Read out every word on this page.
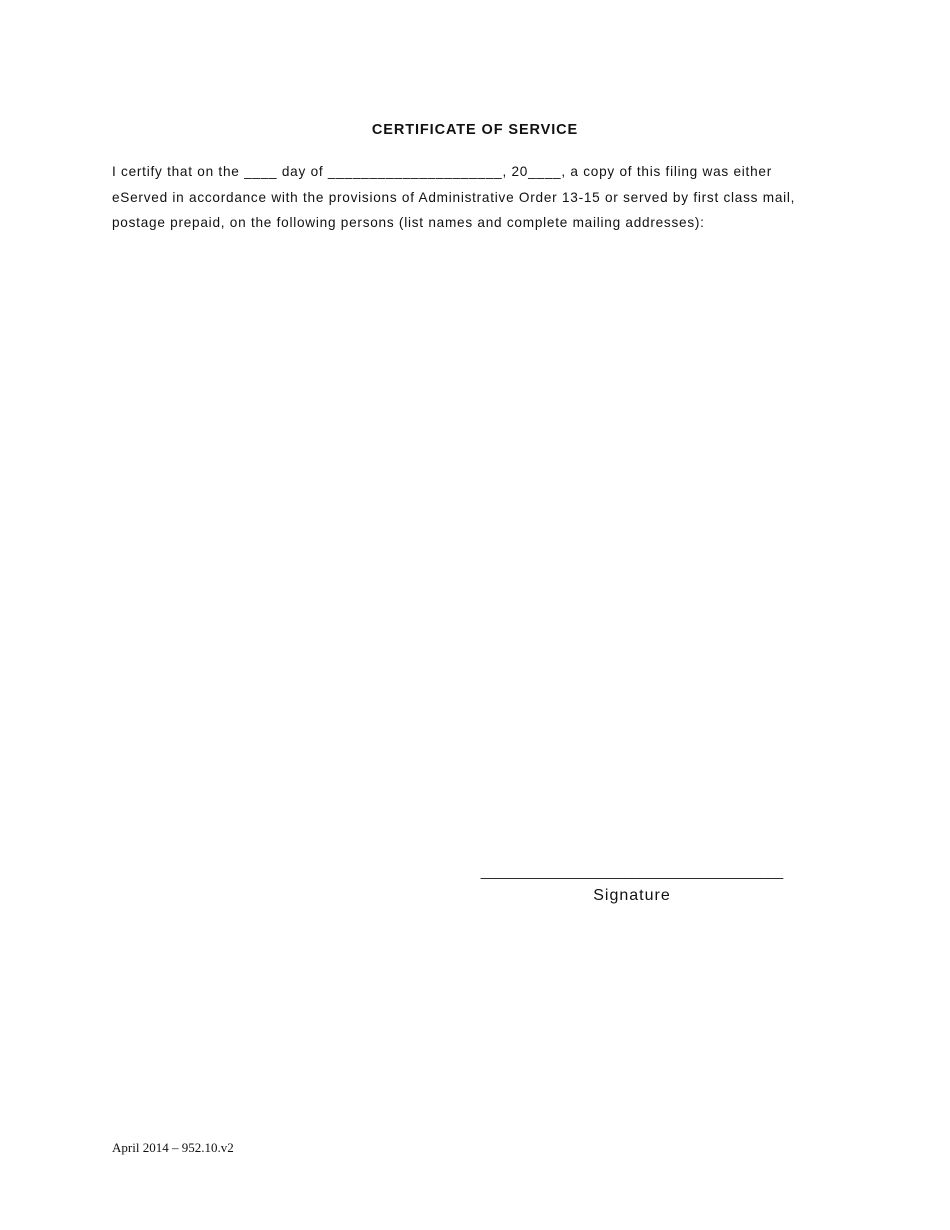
CERTIFICATE OF SERVICE

I certify that on the ____ day of _____________________, 20____, a copy of this filing was either
eServed in accordance with the provisions of Administrative Order 13-15 or served by first class mail,
postage prepaid, on the following persons (list names and complete mailing addresses):

________________________________________
Signature

April 2014 – 952.10.v2
